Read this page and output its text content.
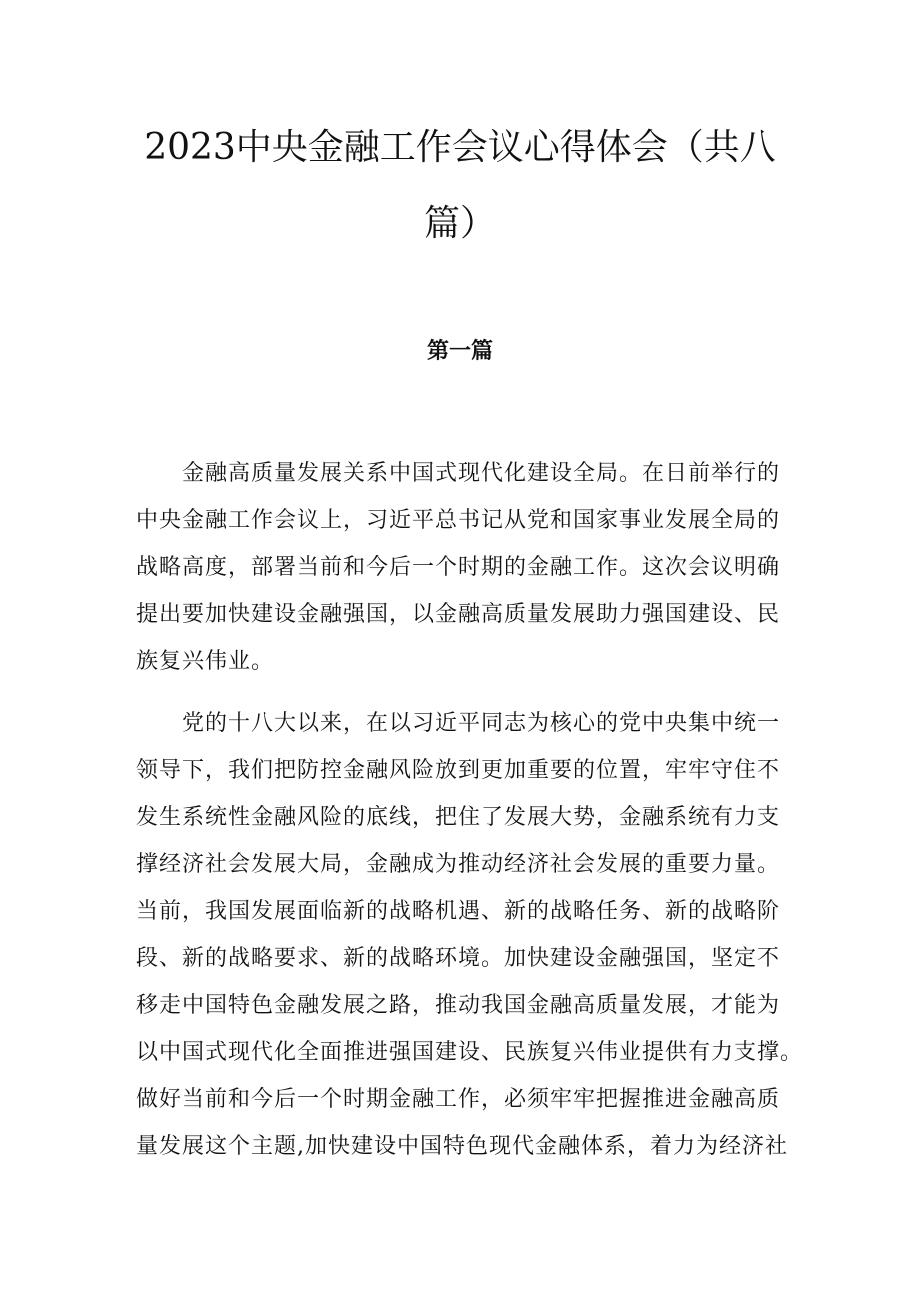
2023中央金融工作会议心得体会（共八
篇）
第一篇
金融高质量发展关系中国式现代化建设全局。在日前举行的
中央金融工作会议上，习近平总书记从党和国家事业发展全局的
战略高度，部署当前和今后一个时期的金融工作。这次会议明确
提出要加快建设金融强国，以金融高质量发展助力强国建设、民
族复兴伟业。
党的十八大以来，在以习近平同志为核心的党中央集中统一
领导下，我们把防控金融风险放到更加重要的位置，牢牢守住不
发生系统性金融风险的底线，把住了发展大势，金融系统有力支
撑经济社会发展大局，金融成为推动经济社会发展的重要力量。
当前，我国发展面临新的战略机遇、新的战略任务、新的战略阶
段、新的战略要求、新的战略环境。加快建设金融强国，坚定不
移走中国特色金融发展之路，推动我国金融高质量发展，才能为
以中国式现代化全面推进强国建设、民族复兴伟业提供有力支撑。
做好当前和今后一个时期金融工作，必须牢牢把握推进金融高质
量发展这个主题,加快建设中国特色现代金融体系，着力为经济社
